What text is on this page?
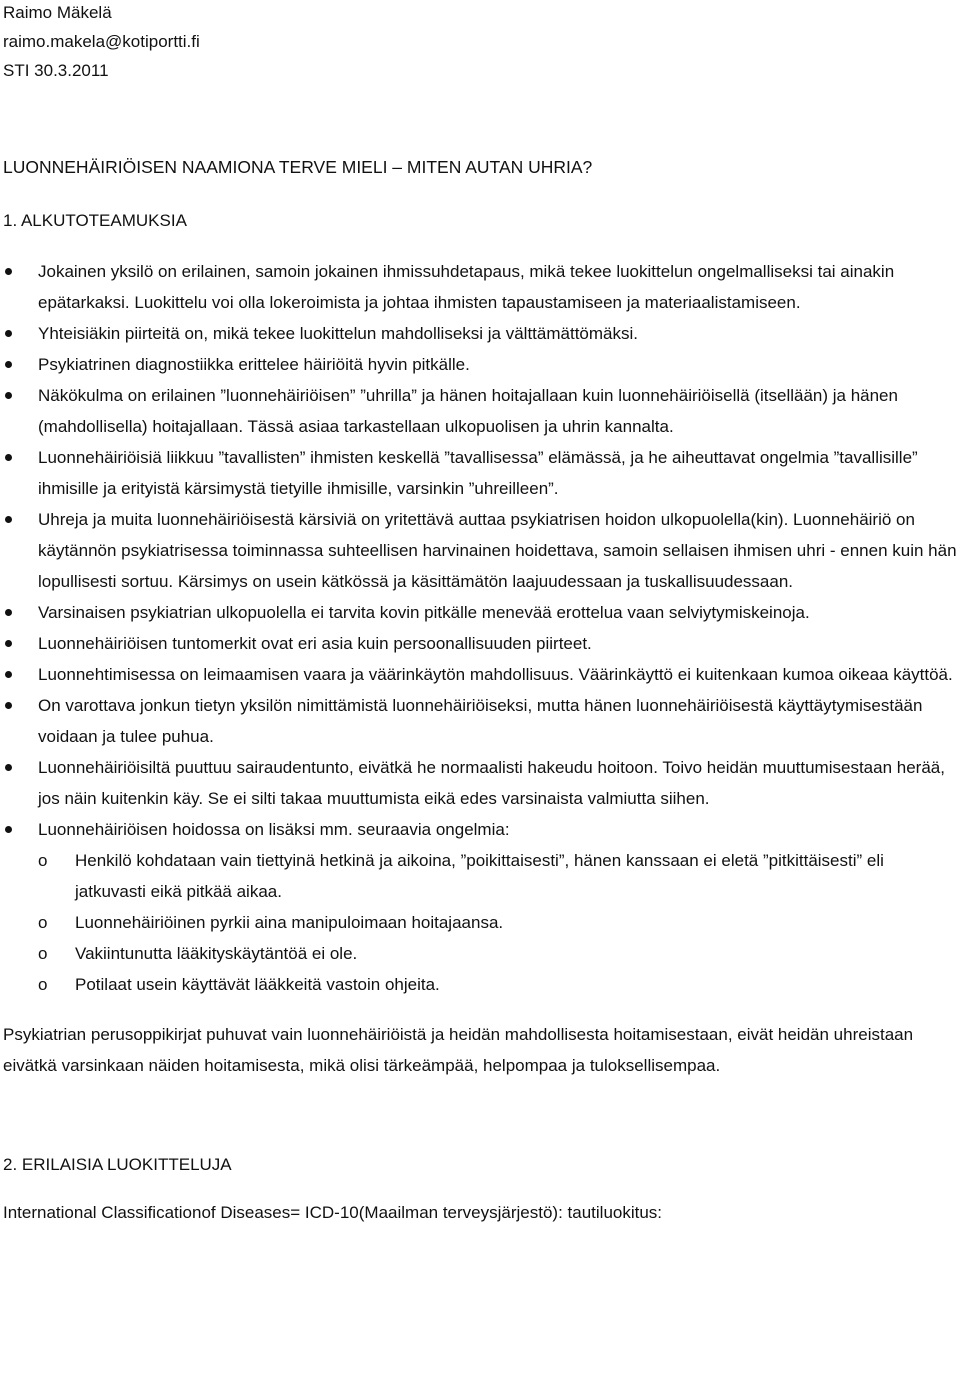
Raimo Mäkelä
raimo.makela@kotiportti.fi
STI 30.3.2011
LUONNEHÄIRIÖISEN NAAMIONA TERVE MIELI – MITEN AUTAN UHRIA?
1. ALKUTOTEAMUKSIA
Jokainen yksilö on erilainen, samoin jokainen ihmissuhdetapaus, mikä tekee luokittelun ongelmalliseksi tai ainakin epätarkaksi. Luokittelu voi olla lokeroimista ja johtaa ihmisten tapaustamiseen ja materiaalistamiseen.
Yhteisiäkin piirteitä on, mikä tekee luokittelun mahdolliseksi ja välttämättömäksi.
Psykiatrinen diagnostiikka erittelee häiriöitä hyvin pitkälle.
Näkökulma on erilainen ”luonnehäiriöisen” ”uhrilla” ja hänen hoitajallaan kuin luonnehäiriöisellä (itsellään) ja hänen (mahdollisella) hoitajallaan. Tässä asiaa tarkastellaan ulkopuolisen ja uhrin kannalta.
Luonnehäiriöisiä liikkuu ”tavallisten” ihmisten keskellä ”tavallisessa” elämässä, ja he aiheuttavat ongelmia ”tavallisille” ihmisille ja erityistä kärsimystä tietyille ihmisille, varsinkin ”uhreilleen”.
Uhreja ja muita luonnehäiriöisestä kärsiviä on yritettävä auttaa psykiatrisen hoidon ulkopuolella(kin). Luonnehäiriö on käytännön psykiatrisessa toiminnassa suhteellisen harvinainen hoidettava, samoin sellaisen ihmisen uhri - ennen kuin hän lopullisesti sortuu. Kärsimys on usein kätkössä ja käsittämätön laajuudessaan ja tuskallisuudessaan.
Varsinaisen psykiatrian ulkopuolella ei tarvita kovin pitkälle menevää erottelua vaan selviytymiskeinoja.
Luonnehäiriöisen tuntomerkit ovat eri asia kuin persoonallisuuden piirteet.
Luonnehtimisessa on leimaamisen vaara ja väärinkäytön mahdollisuus. Väärinkäyttö ei kuitenkaan kumoa oikeaa käyttöä.
On varottava jonkun tietyn yksilön nimittämistä luonnehäiriöiseksi, mutta hänen luonnehäiriöisestä käyttäytymisestään voidaan ja tulee puhua.
Luonnehäiriöisiltä puuttuu sairaudentunto, eivätkä he normaalisti hakeudu hoitoon. Toivo heidän muuttumisestaan herää, jos näin kuitenkin käy. Se ei silti takaa muuttumista eikä edes varsinaista valmiutta siihen.
Luonnehäiriöisen hoidossa on lisäksi mm. seuraavia ongelmia:
o Henkilö kohdataan vain tiettyinä hetkinä ja aikoina, ”poikittaisesti”, hänen kanssaan ei eletä ”pitkittäisesti” eli jatkuvasti eikä pitkää aikaa.
o Luonnehäiriöinen pyrkii aina manipuloimaan hoitajaansa.
o Vakiintunutta lääkityskäytäntöä ei ole.
o Potilaat usein käyttävät lääkkeitä vastoin ohjeita.

Psykiatrian perusoppikirjat puhuvat vain luonnehäiriöistä ja heidän mahdollisesta hoitamisestaan, eivät heidän uhreistaan eivätkä varsinkaan näiden hoitamisesta, mikä olisi tärkeämpää, helpompaa ja tuloksellisempaa.

2. ERILAISIA LUOKITTELUJA
International Classificationof Diseases= ICD-10(Maailman terveysjärjestö): tautiluokitus:
